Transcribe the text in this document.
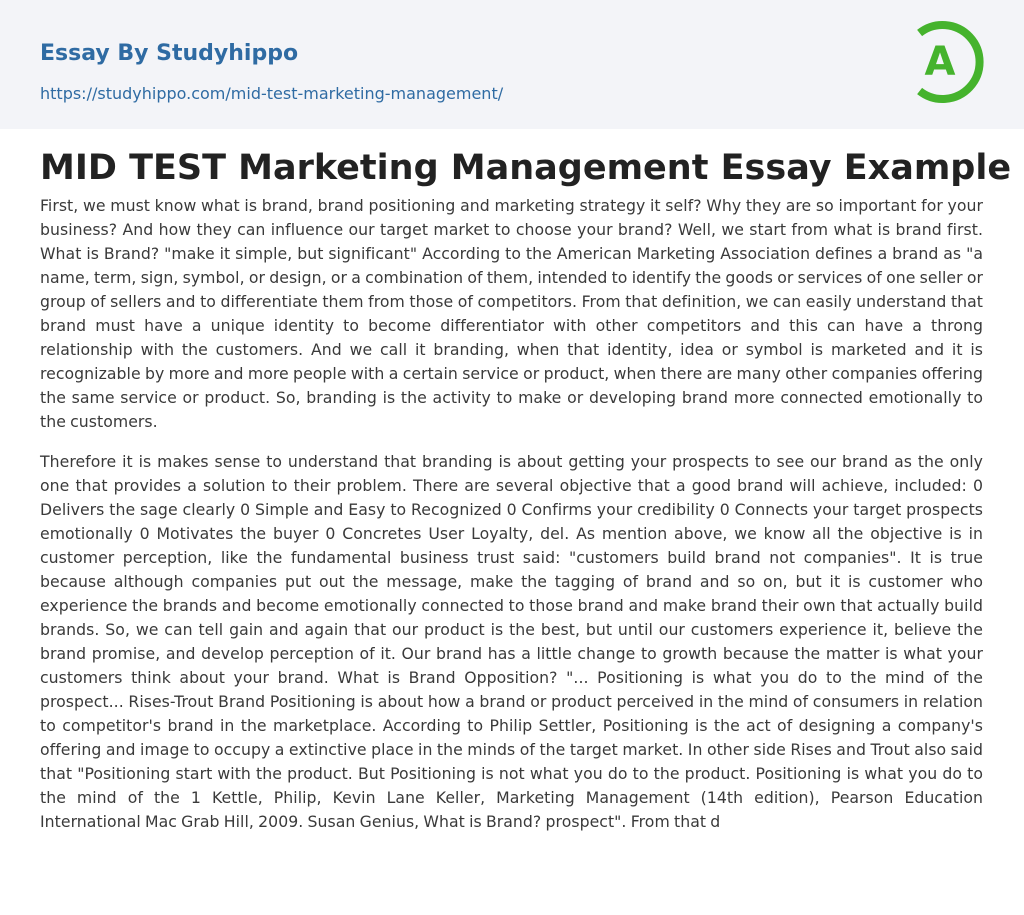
Essay By Studyhippo
https://studyhippo.com/mid-test-marketing-management/
A
MID TEST Marketing Management Essay Example

First, we must know what is brand, brand positioning and marketing strategy it self? Why they are so important for your business? And how they can influence our target market to choose your brand? Well, we start from what is brand first. What is Brand? "make it simple, but significant" According to the American Marketing Association defines a brand as "a name, term, sign, symbol, or design, or a combination of them, intended to identify the goods or services of one seller or group of sellers and to differentiate them from those of competitors. From that definition, we can easily understand that brand must have a unique identity to become differentiator with other competitors and this can have a throng relationship with the customers. And we call it branding, when that identity, idea or symbol is marketed and it is recognizable by more and more people with a certain service or product, when there are many other companies offering the same service or product. So, branding is the activity to make or developing brand more connected emotionally to the customers.

Therefore it is makes sense to understand that branding is about getting your prospects to see our brand as the only one that provides a solution to their problem. There are several objective that a good brand will achieve, included: 0 Delivers the sage clearly 0 Simple and Easy to Recognized 0 Confirms your credibility 0 Connects your target prospects emotionally 0 Motivates the buyer 0 Concretes User Loyalty, del. As mention above, we know all the objective is in customer perception, like the fundamental business trust said: "customers build brand not companies". It is true because although companies put out the message, make the tagging of brand and so on, but it is customer who experience the brands and become emotionally connected to those brand and make brand their own that actually build brands. So, we can tell gain and again that our product is the best, but until our customers experience it, believe the brand promise, and develop perception of it. Our brand has a little change to growth because the matter is what your customers think about your brand. What is Brand Opposition? "... Positioning is what you do to the mind of the prospect... Rises-Trout Brand Positioning is about how a brand or product perceived in the mind of consumers in relation to competitor's brand in the marketplace. According to Philip Settler, Positioning is the act of designing a company's offering and image to occupy a extinctive place in the minds of the target market. In other side Rises and Trout also said that "Positioning start with the product. But Positioning is not what you do to the product. Positioning is what you do to the mind of the 1 Kettle, Philip, Kevin Lane Keller, Marketing Management (14th edition), Pearson Education International Mac Grab Hill, 2009. Susan Genius, What is Brand? prospect". From that d
